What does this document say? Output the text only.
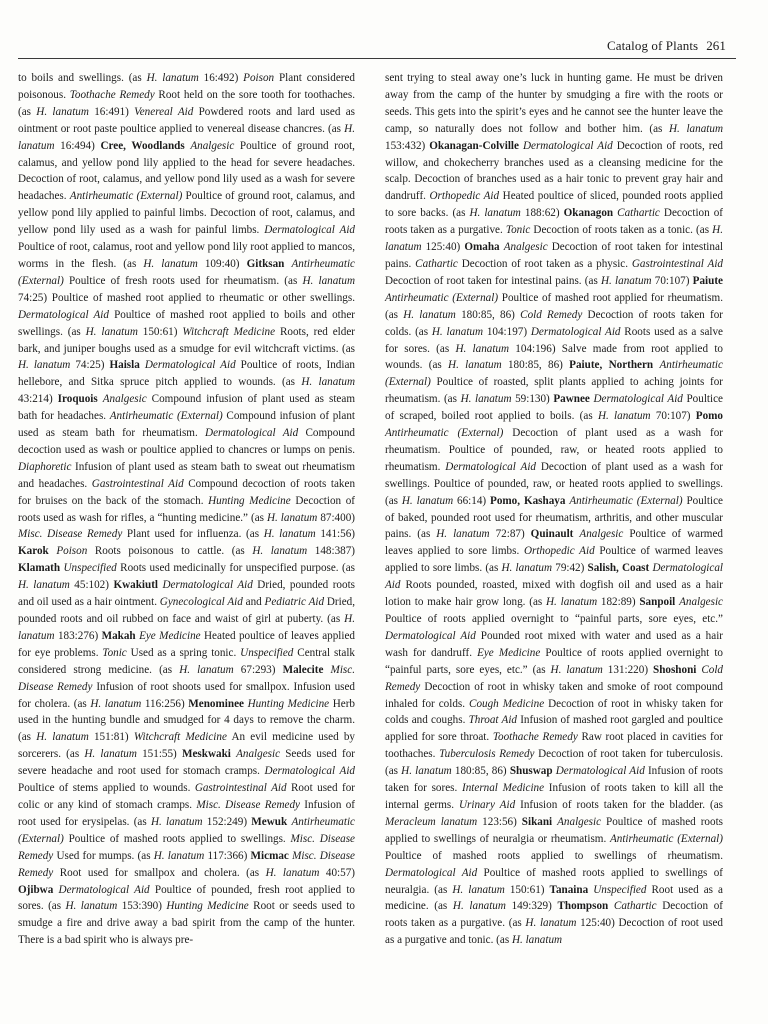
Catalog of Plants 261

to boils and swellings. (as H. lanatum 16:492) Poison Plant considered poisonous. Toothache Remedy Root held on the sore tooth for toothaches. (as H. lanatum 16:491) Venereal Aid Powdered roots and lard used as ointment or root paste poultice applied to venereal disease chancres. (as H. lanatum 16:494) Cree, Woodlands Analgesic Poultice of ground root, calamus, and yellow pond lily applied to the head for severe headaches. Decoction of root, calamus, and yellow pond lily used as a wash for severe headaches. Antirheumatic (External) Poultice of ground root, calamus, and yellow pond lily applied to painful limbs. Decoction of root, calamus, and yellow pond lily used as a wash for painful limbs. Dermatological Aid Poultice of root, calamus, root and yellow pond lily root applied to mancos, worms in the flesh. (as H. lanatum 109:40) Gitksan Antirheumatic (External) Poultice of fresh roots used for rheumatism. (as H. lanatum 74:25) Poultice of mashed root applied to rheumatic or other swellings. Dermatological Aid Poultice of mashed root applied to boils and other swellings. (as H. lanatum 150:61) Witchcraft Medicine Roots, red elder bark, and juniper boughs used as a smudge for evil witchcraft victims. (as H. lanatum 74:25) Haisla Dermatological Aid Poultice of roots, Indian hellebore, and Sitka spruce pitch applied to wounds. (as H. lanatum 43:214) Iroquois Analgesic Compound infusion of plant used as steam bath for headaches. Antirheumatic (External) Compound infusion of plant used as steam bath for rheumatism. Dermatological Aid Compound decoction used as wash or poultice applied to chancres or lumps on penis. Diaphoretic Infusion of plant used as steam bath to sweat out rheumatism and headaches. Gastrointestinal Aid Compound decoction of roots taken for bruises on the back of the stomach. Hunting Medicine Decoction of roots used as wash for rifles, a “hunting medicine.” (as H. lanatum 87:400) Misc. Disease Remedy Plant used for influenza. (as H. lanatum 141:56) Karok Poison Roots poisonous to cattle. (as H. lanatum 148:387) Klamath Unspecified Roots used medicinally for unspecified purpose. (as H. lanatum 45:102) Kwakiutl Dermatological Aid Dried, pounded roots and oil used as a hair ointment. Gynecological Aid and Pediatric Aid Dried, pounded roots and oil rubbed on face and waist of girl at puberty. (as H. lanatum 183:276) Makah Eye Medicine Heated poultice of leaves applied for eye problems. Tonic Used as a spring tonic. Unspecified Central stalk considered strong medicine. (as H. lanatum 67:293) Malecite Misc. Disease Remedy Infusion of root shoots used for smallpox. Infusion used for cholera. (as H. lanatum 116:256) Menominee Hunting Medicine Herb used in the hunting bundle and smudged for 4 days to remove the charm. (as H. lanatum 151:81) Witchcraft Medicine An evil medicine used by sorcerers. (as H. lanatum 151:55) Meskwaki Analgesic Seeds used for severe headache and root used for stomach cramps. Dermatological Aid Poultice of stems applied to wounds. Gastrointestinal Aid Root used for colic or any kind of stomach cramps. Misc. Disease Remedy Infusion of root used for erysipelas. (as H. lanatum 152:249) Mewuk Antirheumatic (External) Poultice of mashed roots applied to swellings. Misc. Disease Remedy Used for mumps. (as H. lanatum 117:366) Micmac Misc. Disease Remedy Root used for smallpox and cholera. (as H. lanatum 40:57) Ojibwa Dermatological Aid Poultice of pounded, fresh root applied to sores. (as H. lanatum 153:390) Hunting Medicine Root or seeds used to smudge a fire and drive away a bad spirit from the camp of the hunter. There is a bad spirit who is always pre-

sent trying to steal away one’s luck in hunting game. He must be driven away from the camp of the hunter by smudging a fire with the roots or seeds. This gets into the spirit’s eyes and he cannot see the hunter leave the camp, so naturally does not follow and bother him. (as H. lanatum 153:432) Okanagan-Colville Dermatological Aid Decoction of roots, red willow, and chokecherry branches used as a cleansing medicine for the scalp. Decoction of branches used as a hair tonic to prevent gray hair and dandruff. Orthopedic Aid Heated poultice of sliced, pounded roots applied to sore backs. (as H. lanatum 188:62) Okanagon Cathartic Decoction of roots taken as a purgative. Tonic Decoction of roots taken as a tonic. (as H. lanatum 125:40) Omaha Analgesic Decoction of root taken for intestinal pains. Cathartic Decoction of root taken as a physic. Gastrointestinal Aid Decoction of root taken for intestinal pains. (as H. lanatum 70:107) Paiute Antirheumatic (External) Poultice of mashed root applied for rheumatism. (as H. lanatum 180:85, 86) Cold Remedy Decoction of roots taken for colds. (as H. lanatum 104:197) Dermatological Aid Roots used as a salve for sores. (as H. lanatum 104:196) Salve made from root applied to wounds. (as H. lanatum 180:85, 86) Paiute, Northern Antirheumatic (External) Poultice of roasted, split plants applied to aching joints for rheumatism. (as H. lanatum 59:130) Pawnee Dermatological Aid Poultice of scraped, boiled root applied to boils. (as H. lanatum 70:107) Pomo Antirheumatic (External) Decoction of plant used as a wash for rheumatism. Poultice of pounded, raw, or heated roots applied to rheumatism. Dermatological Aid Decoction of plant used as a wash for swellings. Poultice of pounded, raw, or heated roots applied to swellings. (as H. lanatum 66:14) Pomo, Kashaya Antirheumatic (External) Poultice of baked, pounded root used for rheumatism, arthritis, and other muscular pains. (as H. lanatum 72:87) Quinault Analgesic Poultice of warmed leaves applied to sore limbs. Orthopedic Aid Poultice of warmed leaves applied to sore limbs. (as H. lanatum 79:42) Salish, Coast Dermatological Aid Roots pounded, roasted, mixed with dogfish oil and used as a hair lotion to make hair grow long. (as H. lanatum 182:89) Sanpoil Analgesic Poultice of roots applied overnight to “painful parts, sore eyes, etc.” Dermatological Aid Pounded root mixed with water and used as a hair wash for dandruff. Eye Medicine Poultice of roots applied overnight to “painful parts, sore eyes, etc.” (as H. lanatum 131:220) Shoshoni Cold Remedy Decoction of root in whisky taken and smoke of root compound inhaled for colds. Cough Medicine Decoction of root in whisky taken for colds and coughs. Throat Aid Infusion of mashed root gargled and poultice applied for sore throat. Toothache Remedy Raw root placed in cavities for toothaches. Tuberculosis Remedy Decoction of root taken for tuberculosis. (as H. lanatum 180:85, 86) Shuswap Dermatological Aid Infusion of roots taken for sores. Internal Medicine Infusion of roots taken to kill all the internal germs. Urinary Aid Infusion of roots taken for the bladder. (as Meracleum lanatum 123:56) Sikani Analgesic Poultice of mashed roots applied to swellings of neuralgia or rheumatism. Antirheumatic (External) Poultice of mashed roots applied to swellings of rheumatism. Dermatological Aid Poultice of mashed roots applied to swellings of neuralgia. (as H. lanatum 150:61) Tanaina Unspecified Root used as a medicine. (as H. lanatum 149:329) Thompson Cathartic Decoction of roots taken as a purgative. (as H. lanatum 125:40) Decoction of root used as a purgative and tonic. (as H. lanatum
